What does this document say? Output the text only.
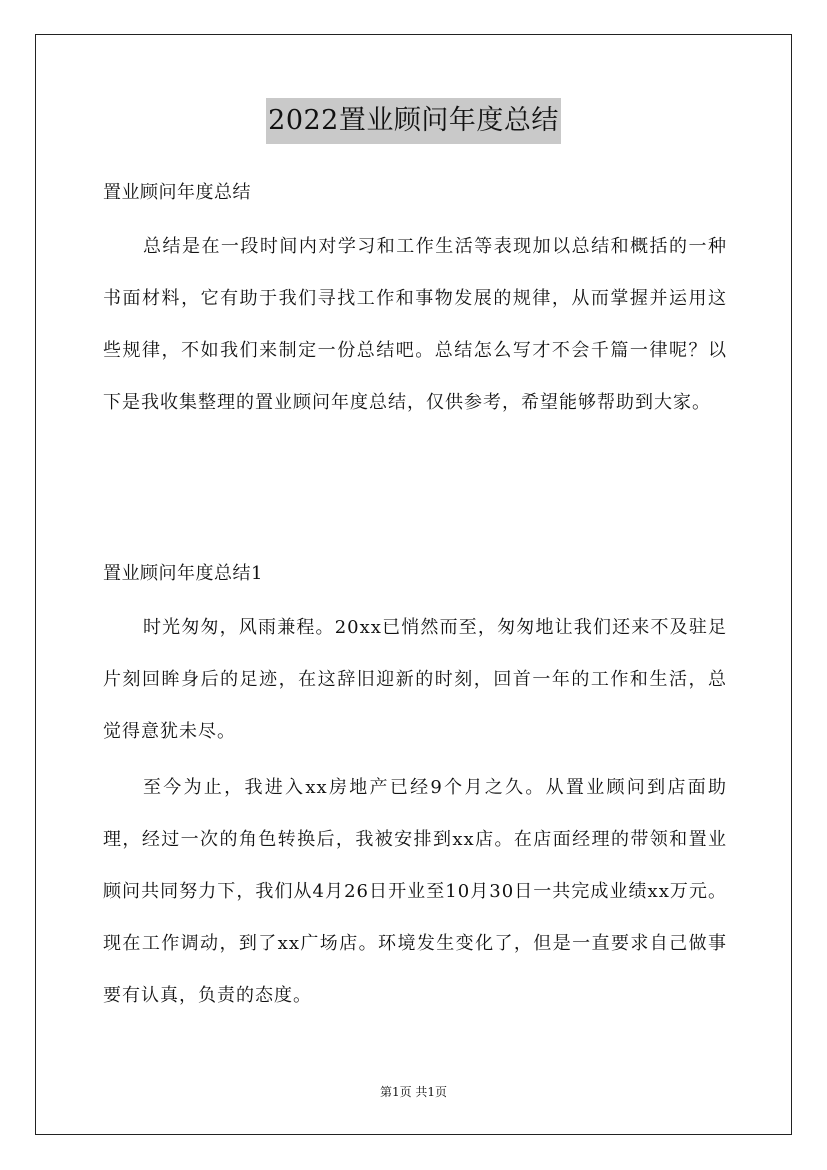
2022置业顾问年度总结
置业顾问年度总结

总结是在一段时间内对学习和工作生活等表现加以总结和概括的一种书面材料，它有助于我们寻找工作和事物发展的规律，从而掌握并运用这些规律，不如我们来制定一份总结吧。总结怎么写才不会千篇一律呢？以下是我收集整理的置业顾问年度总结，仅供参考，希望能够帮助到大家。

置业顾问年度总结1

时光匆匆，风雨兼程。20xx已悄然而至，匆匆地让我们还来不及驻足片刻回眸身后的足迹，在这辞旧迎新的时刻，回首一年的工作和生活，总觉得意犹未尽。

至今为止，我进入xx房地产已经9个月之久。从置业顾问到店面助理，经过一次的角色转换后，我被安排到xx店。在店面经理的带领和置业顾问共同努力下，我们从4月26日开业至10月30日一共完成业绩xx万元。现在工作调动，到了xx广场店。环境发生变化了，但是一直要求自己做事要有认真，负责的态度。

第1页 共1页
